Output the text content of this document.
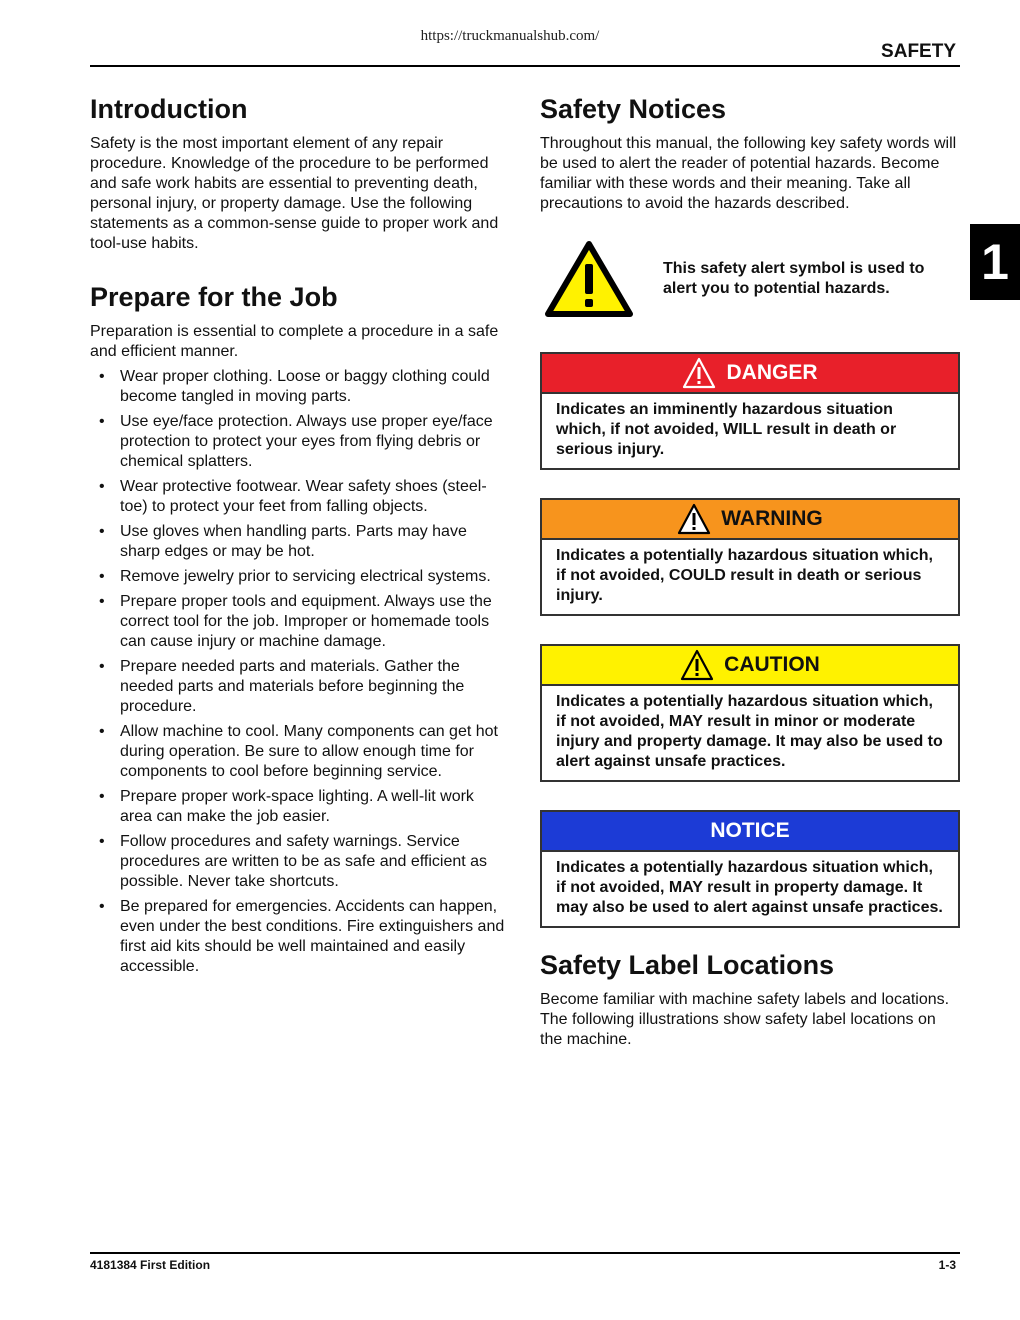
https://truckmanualshub.com/
SAFETY
1
Introduction

Safety is the most important element of any repair procedure. Knowledge of the procedure to be performed and safe work habits are essential to preventing death, personal injury, or property damage. Use the following statements as a common-sense guide to proper work and tool-use habits.

Prepare for the Job

Preparation is essential to complete a procedure in a safe and efficient manner.

• Wear proper clothing. Loose or baggy clothing could become tangled in moving parts.
• Use eye/face protection. Always use proper eye/face protection to protect your eyes from flying debris or chemical splatters.
• Wear protective footwear. Wear safety shoes (steel-toe) to protect your feet from falling objects.
• Use gloves when handling parts. Parts may have sharp edges or may be hot.
• Remove jewelry prior to servicing electrical systems.
• Prepare proper tools and equipment. Always use the correct tool for the job. Improper or homemade tools can cause injury or machine damage.
• Prepare needed parts and materials. Gather the needed parts and materials before beginning the procedure.
• Allow machine to cool. Many components can get hot during operation. Be sure to allow enough time for components to cool before beginning service.
• Prepare proper work-space lighting. A well-lit work area can make the job easier.
• Follow procedures and safety warnings. Service procedures are written to be as safe and efficient as possible. Never take shortcuts.
• Be prepared for emergencies. Accidents can happen, even under the best conditions. Fire extinguishers and first aid kits should be well maintained and easily accessible.
Safety Notices

Throughout this manual, the following key safety words will be used to alert the reader of potential hazards. Become familiar with these words and their meaning. Take all precautions to avoid the hazards described.

This safety alert symbol is used to alert you to potential hazards.
DANGER
Indicates an imminently hazardous situation which, if not avoided, WILL result in death or serious injury.
WARNING
Indicates a potentially hazardous situation which, if not avoided, COULD result in death or serious injury.
CAUTION
Indicates a potentially hazardous situation which, if not avoided, MAY result in minor or moderate injury and property damage. It may also be used to alert against unsafe practices.
NOTICE
Indicates a potentially hazardous situation which, if not avoided, MAY result in property damage. It may also be used to alert against unsafe practices.
Safety Label Locations

Become familiar with machine safety labels and locations. The following illustrations show safety label locations on the machine.

4181384 First Edition	1-3
